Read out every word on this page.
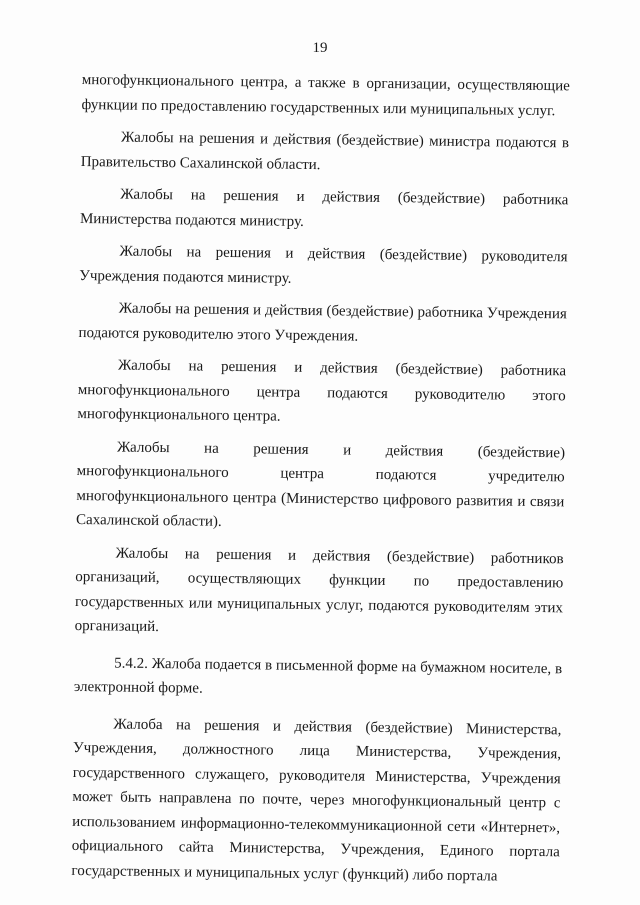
19

многофункционального центра, а также в организации, осуществляющие функции по предоставлению государственных или муниципальных услуг.

Жалобы на решения и действия (бездействие) министра подаются в Правительство Сахалинской области.

Жалобы на решения и действия (бездействие) работника Министерства подаются министру.

Жалобы на решения и действия (бездействие) руководителя Учреждения подаются министру.

Жалобы на решения и действия (бездействие) работника Учреждения подаются руководителю этого Учреждения.

Жалобы на решения и действия (бездействие) работника многофункционального центра подаются руководителю этого многофункционального центра.

Жалобы на решения и действия (бездействие) многофункционального центра подаются учредителю многофункционального центра (Министерство цифрового развития и связи Сахалинской области).

Жалобы на решения и действия (бездействие) работников организаций, осуществляющих функции по предоставлению государственных или муниципальных услуг, подаются руководителям этих организаций.

5.4.2. Жалоба подается в письменной форме на бумажном носителе, в электронной форме.

Жалоба на решения и действия (бездействие) Министерства, Учреждения, должностного лица Министерства, Учреждения, государственного служащего, руководителя Министерства, Учреждения может быть направлена по почте, через многофункциональный центр с использованием информационно-телекоммуникационной сети «Интернет», официального сайта Министерства, Учреждения, Единого портала государственных и муниципальных услуг (функций) либо портала
